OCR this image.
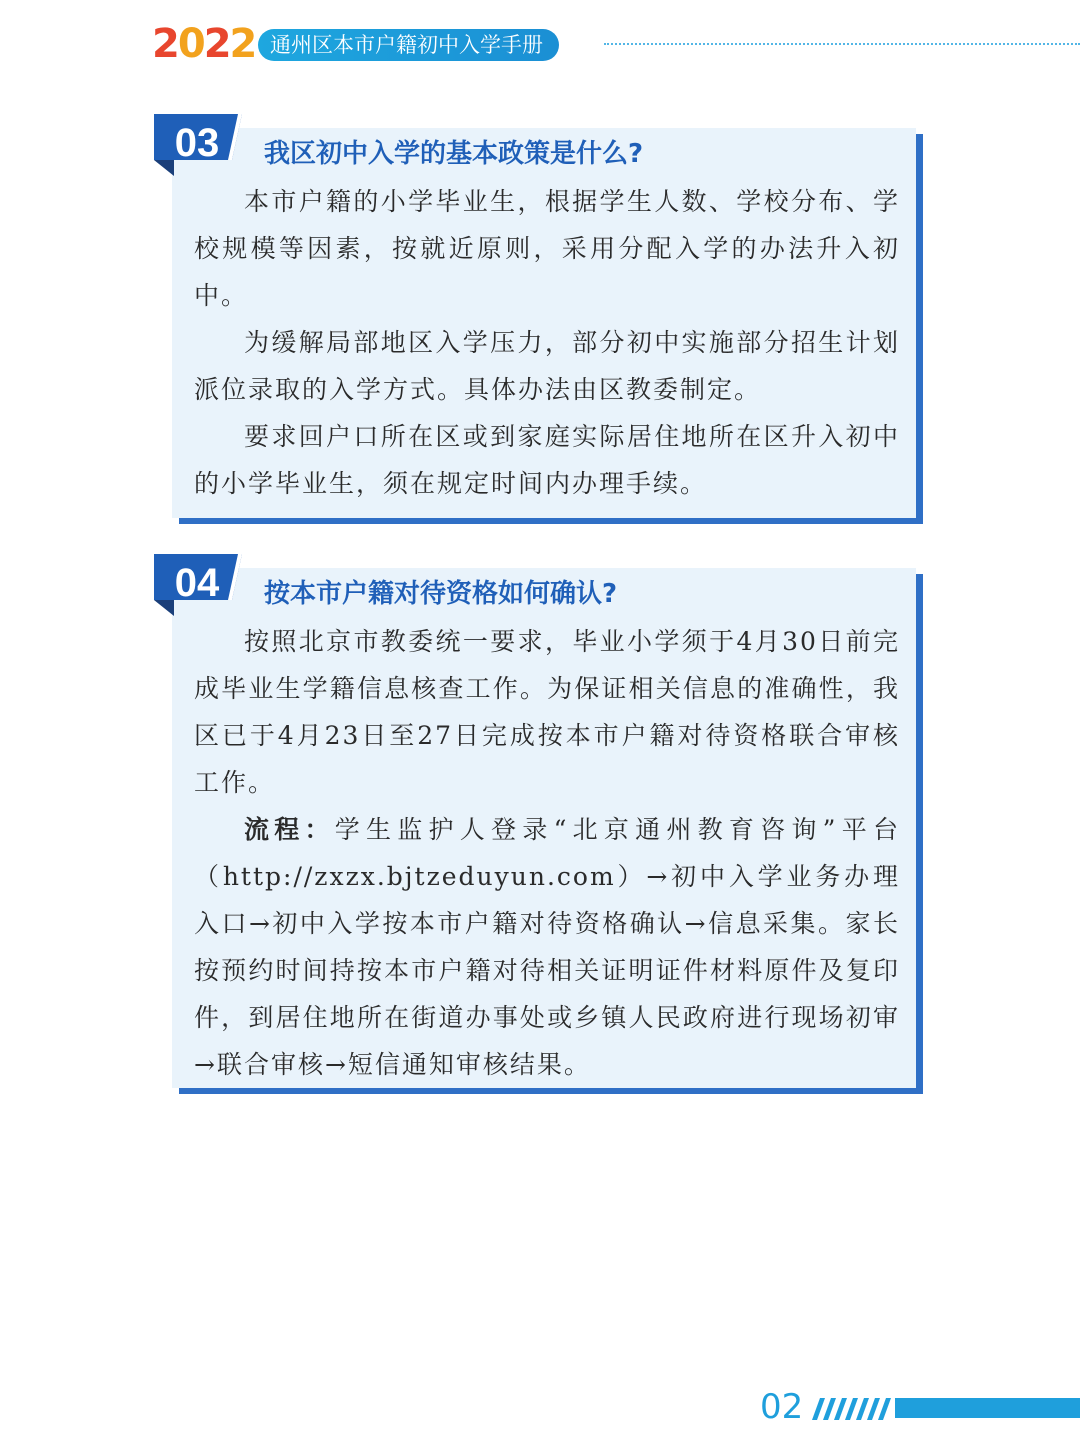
2022 通州区本市户籍初中入学手册
03	我区初中入学的基本政策是什么?

本市户籍的小学毕业生，根据学生人数、学校分布、学校规模等因素，按就近原则，采用分配入学的办法升入初中。

为缓解局部地区入学压力，部分初中实施部分招生计划派位录取的入学方式。具体办法由区教委制定。

要求回户口所在区或到家庭实际居住地所在区升入初中的小学毕业生，须在规定时间内办理手续。

04	按本市户籍对待资格如何确认?

按照北京市教委统一要求，毕业小学须于4月30日前完成毕业生学籍信息核查工作。为保证相关信息的准确性，我区已于4月23日至27日完成按本市户籍对待资格联合审核工作。

流程：学生监护人登录“北京通州教育咨询”平台（http://zxzx.bjtzeduyun.com）→初中入学业务办理入口→初中入学按本市户籍对待资格确认→信息采集。家长按预约时间持按本市户籍对待相关证明证件材料原件及复印件，到居住地所在街道办事处或乡镇人民政府进行现场初审→联合审核→短信通知审核结果。

02
